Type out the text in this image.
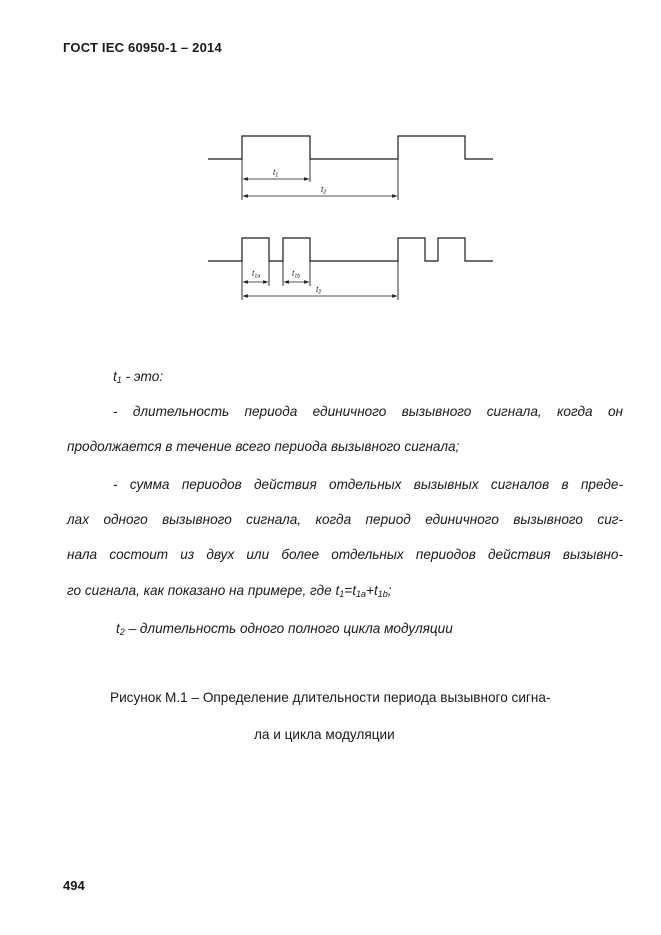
ГОСТ IEC 60950-1 – 2014
t1
t2
t1a	t1b
t2
$t_1$ - это:
- длительность периода единичного вызывного сигнала, когда он
продолжается в течение всего периода вызывного сигнала;
- сумма периодов действия отдельных вызывных сигналов в преде-
лах одного вызывного сигнала, когда период единичного вызывного сиг-
нала состоит из двух или более отдельных периодов действия вызывно-
го сигнала, как показано на примере, где $t_1=t_{1a}+t_{1b}$;
$t_2$ – длительность одного полного цикла модуляции
Рисунок М.1 – Определение длительности периода вызывного сигна-
ла и цикла модуляции
494
